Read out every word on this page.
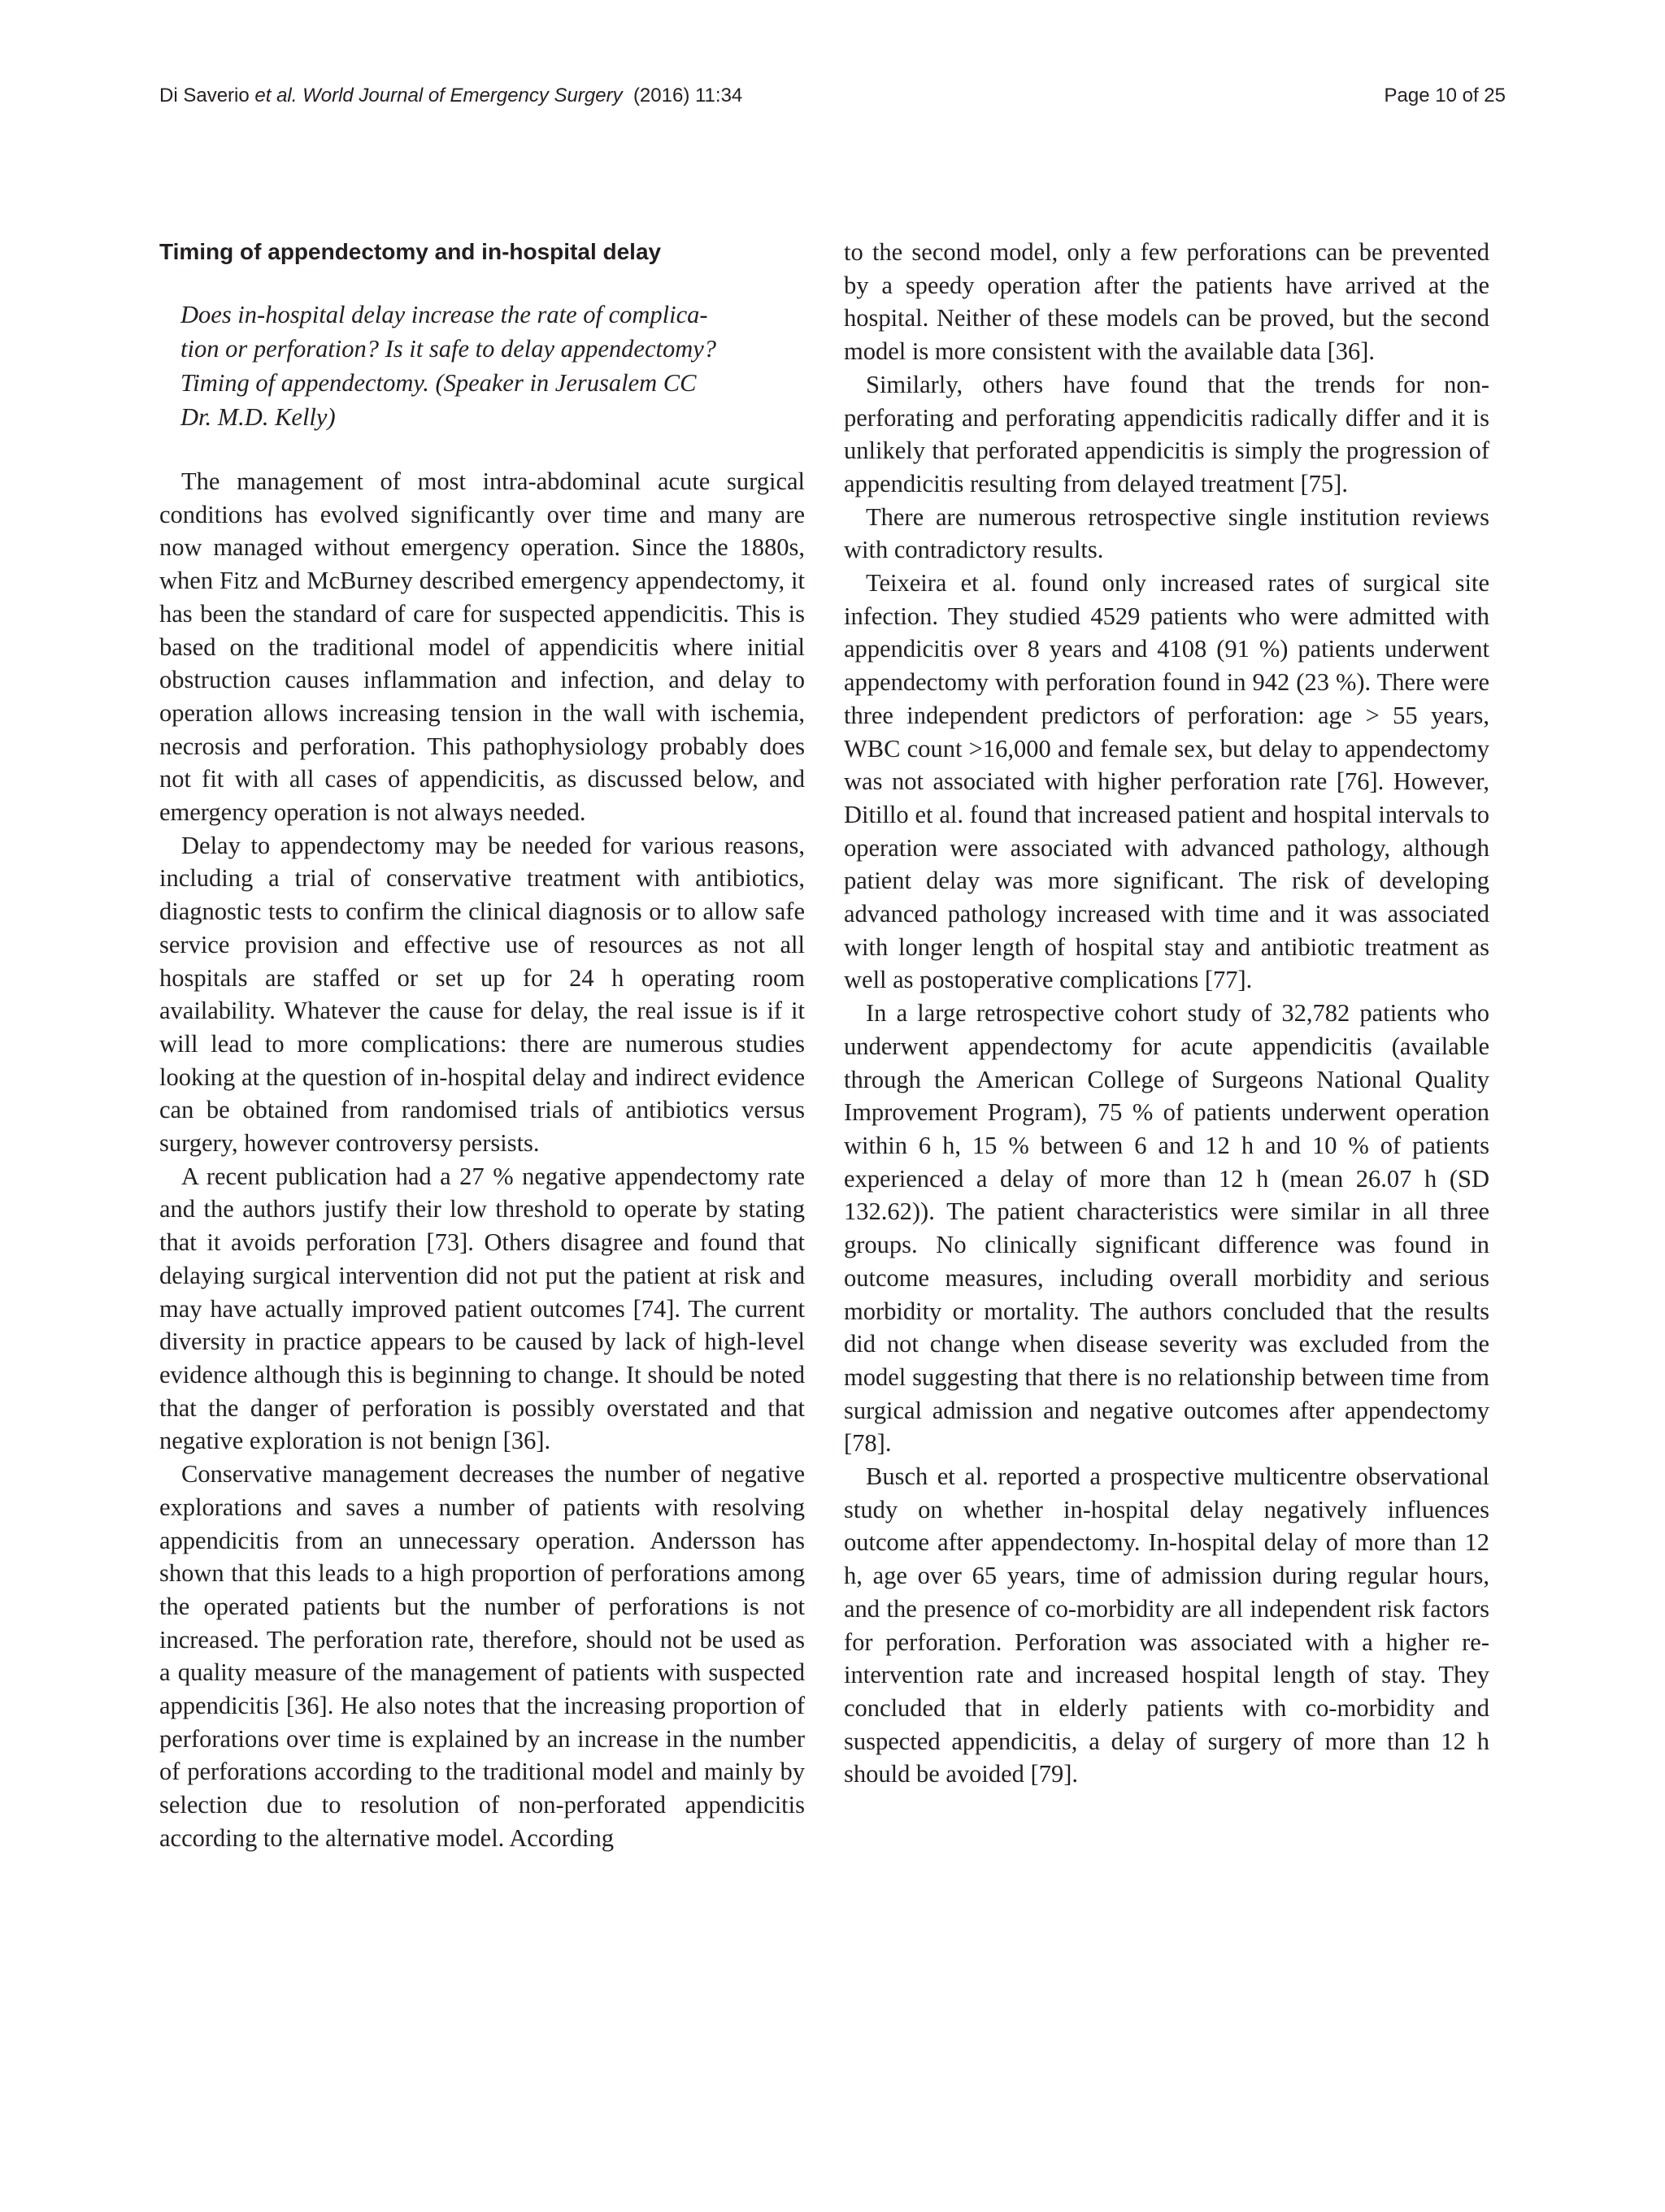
Di Saverio et al. World Journal of Emergency Surgery (2016) 11:34	Page 10 of 25
Timing of appendectomy and in-hospital delay
Does in-hospital delay increase the rate of complica-
tion or perforation? Is it safe to delay appendectomy?
Timing of appendectomy. (Speaker in Jerusalem CC
Dr. M.D. Kelly)

The management of most intra-abdominal acute surgical conditions has evolved significantly over time and many are now managed without emergency operation. Since the 1880s, when Fitz and McBurney described emergency appendectomy, it has been the standard of care for suspected appendicitis. This is based on the traditional model of appendicitis where initial obstruction causes inflammation and infection, and delay to operation allows increasing tension in the wall with ischemia, necrosis and perforation. This pathophysiology probably does not fit with all cases of appendicitis, as discussed below, and emergency operation is not always needed.

Delay to appendectomy may be needed for various reasons, including a trial of conservative treatment with antibiotics, diagnostic tests to confirm the clinical diagnosis or to allow safe service provision and effective use of resources as not all hospitals are staffed or set up for 24 h operating room availability. Whatever the cause for delay, the real issue is if it will lead to more complications: there are numerous studies looking at the question of in-hospital delay and indirect evidence can be obtained from randomised trials of antibiotics versus surgery, however controversy persists.

A recent publication had a 27 % negative appendectomy rate and the authors justify their low threshold to operate by stating that it avoids perforation [73]. Others disagree and found that delaying surgical intervention did not put the patient at risk and may have actually improved patient outcomes [74]. The current diversity in practice appears to be caused by lack of high-level evidence although this is beginning to change. It should be noted that the danger of perforation is possibly overstated and that negative exploration is not benign [36].

Conservative management decreases the number of negative explorations and saves a number of patients with resolving appendicitis from an unnecessary operation. Andersson has shown that this leads to a high proportion of perforations among the operated patients but the number of perforations is not increased. The perforation rate, therefore, should not be used as a quality measure of the management of patients with suspected appendicitis [36]. He also notes that the increasing proportion of perforations over time is explained by an increase in the number of perforations according to the traditional model and mainly by selection due to resolution of non-perforated appendicitis according to the alternative model. According

to the second model, only a few perforations can be prevented by a speedy operation after the patients have arrived at the hospital. Neither of these models can be proved, but the second model is more consistent with the available data [36].

Similarly, others have found that the trends for non-perforating and perforating appendicitis radically differ and it is unlikely that perforated appendicitis is simply the progression of appendicitis resulting from delayed treatment [75].

There are numerous retrospective single institution reviews with contradictory results.

Teixeira et al. found only increased rates of surgical site infection. They studied 4529 patients who were admitted with appendicitis over 8 years and 4108 (91 %) patients underwent appendectomy with perforation found in 942 (23 %). There were three independent predictors of perforation: age > 55 years, WBC count >16,000 and female sex, but delay to appendectomy was not associated with higher perforation rate [76]. However, Ditillo et al. found that increased patient and hospital intervals to operation were associated with advanced pathology, although patient delay was more significant. The risk of developing advanced pathology increased with time and it was associated with longer length of hospital stay and antibiotic treatment as well as postoperative complications [77].

In a large retrospective cohort study of 32,782 patients who underwent appendectomy for acute appendicitis (available through the American College of Surgeons National Quality Improvement Program), 75 % of patients underwent operation within 6 h, 15 % between 6 and 12 h and 10 % of patients experienced a delay of more than 12 h (mean 26.07 h (SD 132.62)). The patient characteristics were similar in all three groups. No clinically significant difference was found in outcome measures, including overall morbidity and serious morbidity or mortality. The authors concluded that the results did not change when disease severity was excluded from the model suggesting that there is no relationship between time from surgical admission and negative outcomes after appendectomy [78].

Busch et al. reported a prospective multicentre observational study on whether in-hospital delay negatively influences outcome after appendectomy. In-hospital delay of more than 12 h, age over 65 years, time of admission during regular hours, and the presence of co-morbidity are all independent risk factors for perforation. Perforation was associated with a higher re-intervention rate and increased hospital length of stay. They concluded that in elderly patients with co-morbidity and suspected appendicitis, a delay of surgery of more than 12 h should be avoided [79].
